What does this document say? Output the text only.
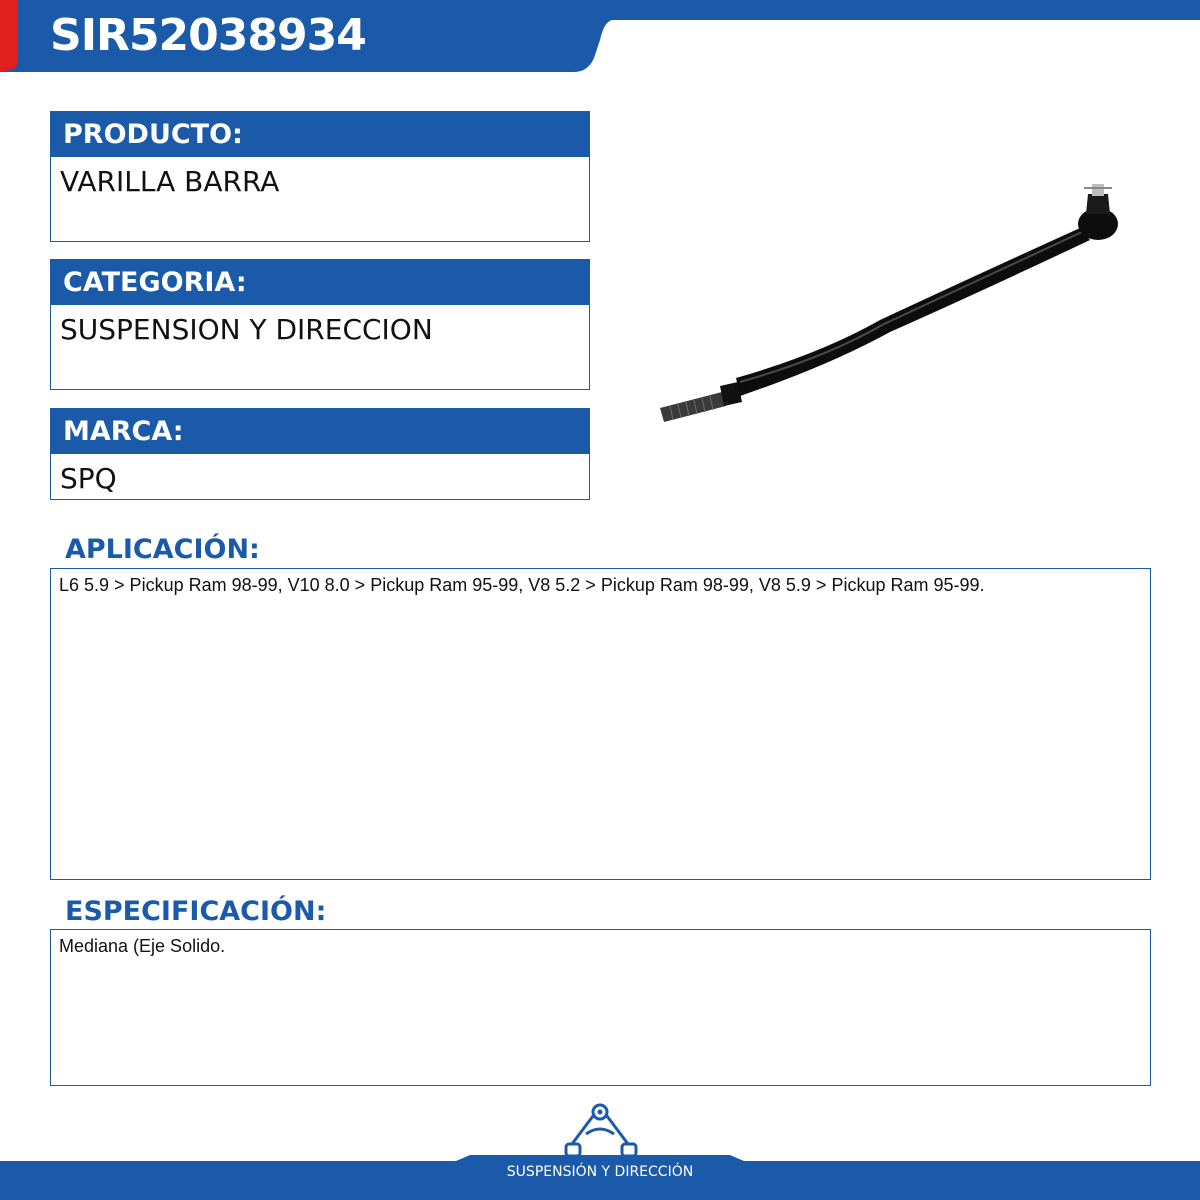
SIR52038934
PRODUCTO:
VARILLA BARRA
CATEGORIA:
SUSPENSION Y DIRECCION
MARCA:
SPQ
APLICACIÓN:
L6 5.9 > Pickup Ram 98-99, V10 8.0 > Pickup Ram 95-99, V8 5.2 > Pickup Ram 98-99, V8 5.9 > Pickup Ram 95-99.
ESPECIFICACIÓN:
Mediana (Eje Solido.
SUSPENSIÓN Y DIRECCIÓN
